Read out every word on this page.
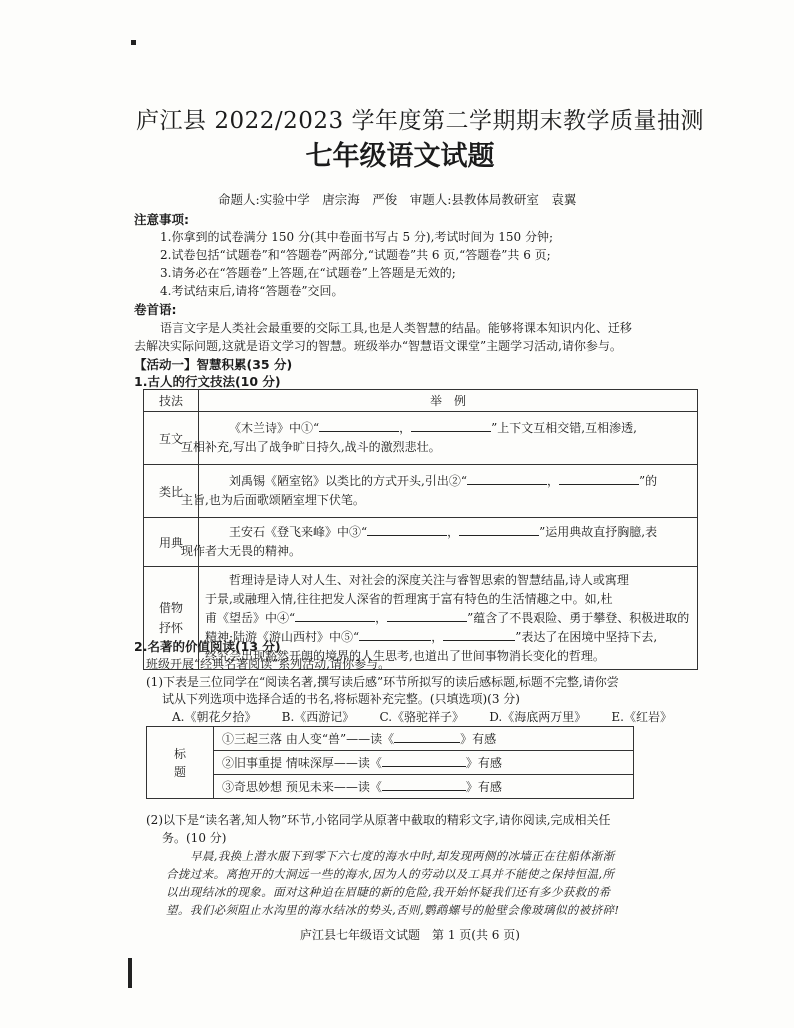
庐江县 2022/2023 学年度第二学期期末教学质量抽测
七年级语文试题
命题人:实验中学　唐宗海　严俊　审题人:县教体局教研室　袁翼
注意事项:
1.你拿到的试卷满分 150 分(其中卷面书写占 5 分),考试时间为 150 分钟;
2.试卷包括“试题卷”和“答题卷”两部分,“试题卷”共 6 页,“答题卷”共 6 页;
3.请务必在“答题卷”上答题,在“试题卷”上答题是无效的;
4.考试结束后,请将“答题卷”交回。
卷首语:
语言文字是人类社会最重要的交际工具,也是人类智慧的结晶。能够将课本知识内化、迁移
去解决实际问题,这就是语文学习的智慧。班级举办“智慧语文课堂”主题学习活动,请你参与。
【活动一】智慧积累(35 分)
1.古人的行文技法(10 分)
技法	举　例
互文	《木兰诗》中①“ ， ”上下文互相交错,互相渗透,
互相补充,写出了战争旷日持久,战斗的激烈悲壮。
类比	刘禹锡《陋室铭》以类比的方式开头,引出②“ ， ”的
主旨,也为后面歌颂陋室埋下伏笔。
用典	王安石《登飞来峰》中③“ ， ”运用典故直抒胸臆,表
现作者大无畏的精神。
借物
抒怀	哲理诗是诗人对人生、对社会的深度关注与睿智思索的智慧结晶,诗人或寓理
于景,或融理入情,往往把发人深省的哲理寓于富有特色的生活情趣之中。如,杜
甫《望岳》中④“ ， ”蕴含了不畏艰险、勇于攀登、积极进取的
精神;陆游《游山西村》中⑤“ ， ”表达了在困境中坚持下去,
终究会出现豁然开朗的境界的人生思考,也道出了世间事物消长变化的哲理。
2.名著的价值阅读(13 分)
班级开展“经典名著阅读”系列活动,请你参与。
(1)下表是三位同学在“阅读名著,撰写读后感”环节所拟写的读后感标题,标题不完整,请你尝
试从下列选项中选择合适的书名,将标题补充完整。(只填选项)(3 分)
A.《朝花夕拾》 B.《西游记》 C.《骆驼祥子》 D.《海底两万里》 E.《红岩》
标
题	①三起三落 由人变“兽”——读《	》有感
②旧事重提 情味深厚——读《	》有感
③奇思妙想 预见未来——读《	》有感
(2)以下是“读名著,知人物”环节,小铭同学从原著中截取的精彩文字,请你阅读,完成相关任
务。(10 分)
早晨,我换上潜水服下到零下六七度的海水中时,却发现两侧的冰墙正在往船体渐渐
合拢过来。离抱开的大洞远一些的海水,因为人的劳动以及工具并不能使之保持恒温,所
以出现结冰的现象。面对这种迫在眉睫的新的危险,我开始怀疑我们还有多少获救的希
望。我们必须阻止水沟里的海水结冰的势头,否则,鹦鹉螺号的舱壁会像玻璃似的被挤碎!
庐江县七年级语文试题　第 1 页(共 6 页)
